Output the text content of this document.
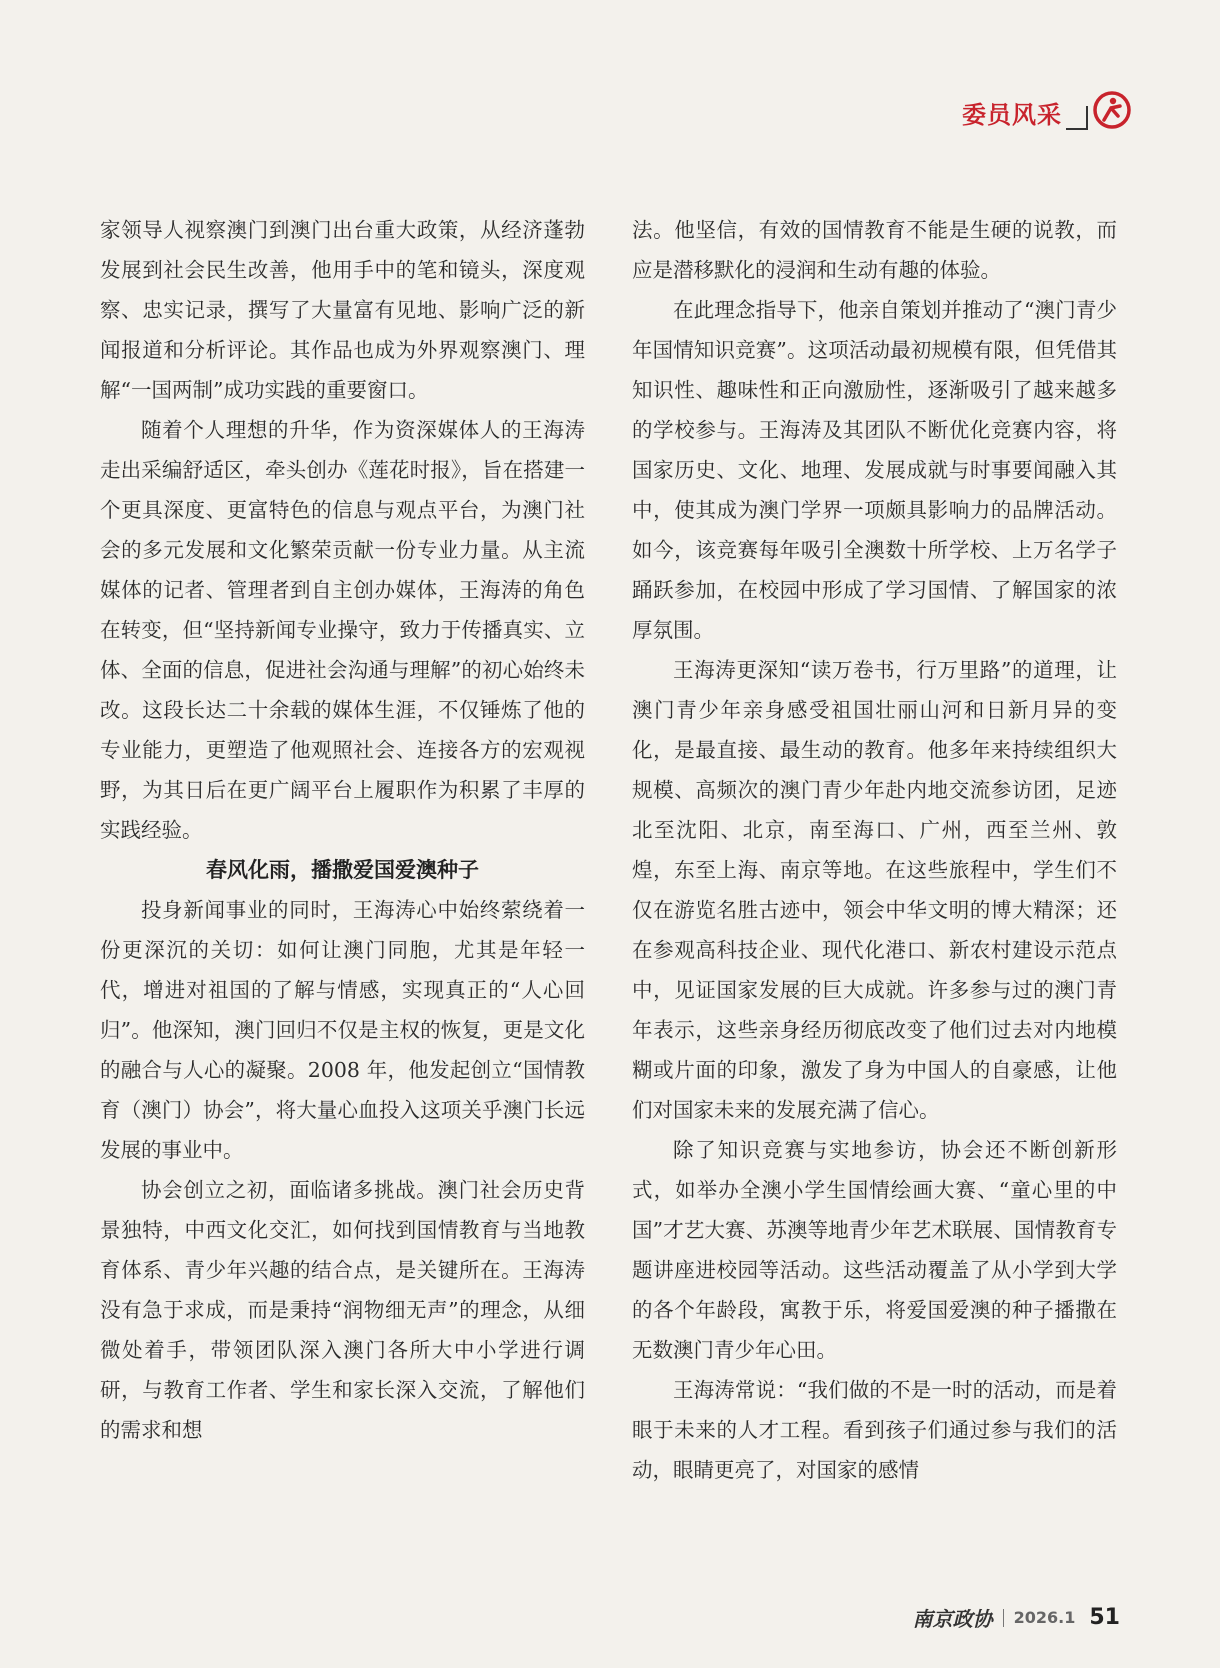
委员风采

家领导人视察澳门到澳门出台重大政策，从经济蓬勃发展到社会民生改善，他用手中的笔和镜头，深度观察、忠实记录，撰写了大量富有见地、影响广泛的新闻报道和分析评论。其作品也成为外界观察澳门、理解“一国两制”成功实践的重要窗口。

随着个人理想的升华，作为资深媒体人的王海涛走出采编舒适区，牵头创办《莲花时报》，旨在搭建一个更具深度、更富特色的信息与观点平台，为澳门社会的多元发展和文化繁荣贡献一份专业力量。从主流媒体的记者、管理者到自主创办媒体，王海涛的角色在转变，但“坚持新闻专业操守，致力于传播真实、立体、全面的信息，促进社会沟通与理解”的初心始终未改。这段长达二十余载的媒体生涯，不仅锤炼了他的专业能力，更塑造了他观照社会、连接各方的宏观视野，为其日后在更广阔平台上履职作为积累了丰厚的实践经验。

春风化雨，播撒爱国爱澳种子

投身新闻事业的同时，王海涛心中始终萦绕着一份更深沉的关切：如何让澳门同胞，尤其是年轻一代，增进对祖国的了解与情感，实现真正的“人心回归”。他深知，澳门回归不仅是主权的恢复，更是文化的融合与人心的凝聚。2008 年，他发起创立“国情教育（澳门）协会”，将大量心血投入这项关乎澳门长远发展的事业中。

协会创立之初，面临诸多挑战。澳门社会历史背景独特，中西文化交汇，如何找到国情教育与当地教育体系、青少年兴趣的结合点，是关键所在。王海涛没有急于求成，而是秉持“润物细无声”的理念，从细微处着手，带领团队深入澳门各所大中小学进行调研，与教育工作者、学生和家长深入交流，了解他们的需求和想

法。他坚信，有效的国情教育不能是生硬的说教，而应是潜移默化的浸润和生动有趣的体验。

在此理念指导下，他亲自策划并推动了“澳门青少年国情知识竞赛”。这项活动最初规模有限，但凭借其知识性、趣味性和正向激励性，逐渐吸引了越来越多的学校参与。王海涛及其团队不断优化竞赛内容，将国家历史、文化、地理、发展成就与时事要闻融入其中，使其成为澳门学界一项颇具影响力的品牌活动。如今，该竞赛每年吸引全澳数十所学校、上万名学子踊跃参加，在校园中形成了学习国情、了解国家的浓厚氛围。

王海涛更深知“读万卷书，行万里路”的道理，让澳门青少年亲身感受祖国壮丽山河和日新月异的变化，是最直接、最生动的教育。他多年来持续组织大规模、高频次的澳门青少年赴内地交流参访团，足迹北至沈阳、北京，南至海口、广州，西至兰州、敦煌，东至上海、南京等地。在这些旅程中，学生们不仅在游览名胜古迹中，领会中华文明的博大精深；还在参观高科技企业、现代化港口、新农村建设示范点中，见证国家发展的巨大成就。许多参与过的澳门青年表示，这些亲身经历彻底改变了他们过去对内地模糊或片面的印象，激发了身为中国人的自豪感，让他们对国家未来的发展充满了信心。

除了知识竞赛与实地参访，协会还不断创新形式，如举办全澳小学生国情绘画大赛、“童心里的中国”才艺大赛、苏澳等地青少年艺术联展、国情教育专题讲座进校园等活动。这些活动覆盖了从小学到大学的各个年龄段，寓教于乐，将爱国爱澳的种子播撒在无数澳门青少年心田。

王海涛常说：“我们做的不是一时的活动，而是着眼于未来的人才工程。看到孩子们通过参与我们的活动，眼睛更亮了，对国家的感情

南京政协 2026.1 51
